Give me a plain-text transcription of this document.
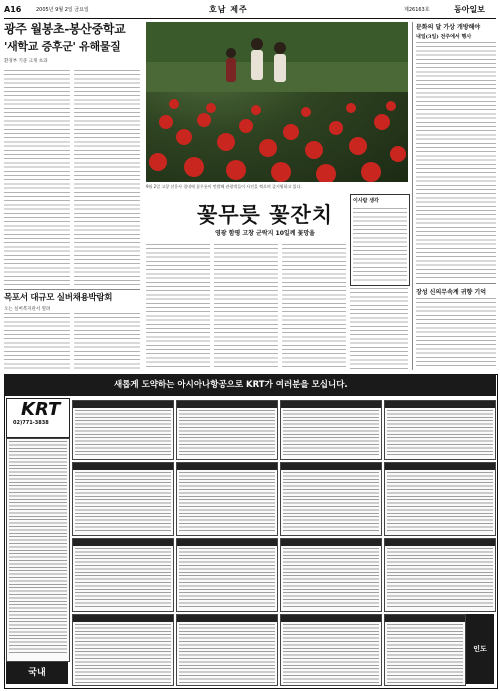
A16	2005년 9월 2일 금요일	호남 제주	제26163호	동아일보
광주 월봉초-봉산중학교
'새학교 증후군' 유해물질
환경부 기준 크게 초과
목포서 대규모 실버채용박람회
오는 실버복지관서 열려
9월 2일 고창 선운사 경내에 꽃무릇이 만발해 관광객들이 사진을 찍으며 즐거워하고 있다.
꽃무릇 꽃잔치
영광 함평 고창 군락지 10일께 꽃망울
이사람 생각
문화의 달 가상 개방해야
내일(3일) 전주에서 행사
장성 신의무속계 귀향 기억
새롭게 도약하는 아시아나항공으로 KRT가 여러분을 모십니다.
KRT
02)771-3838
국내
인도
